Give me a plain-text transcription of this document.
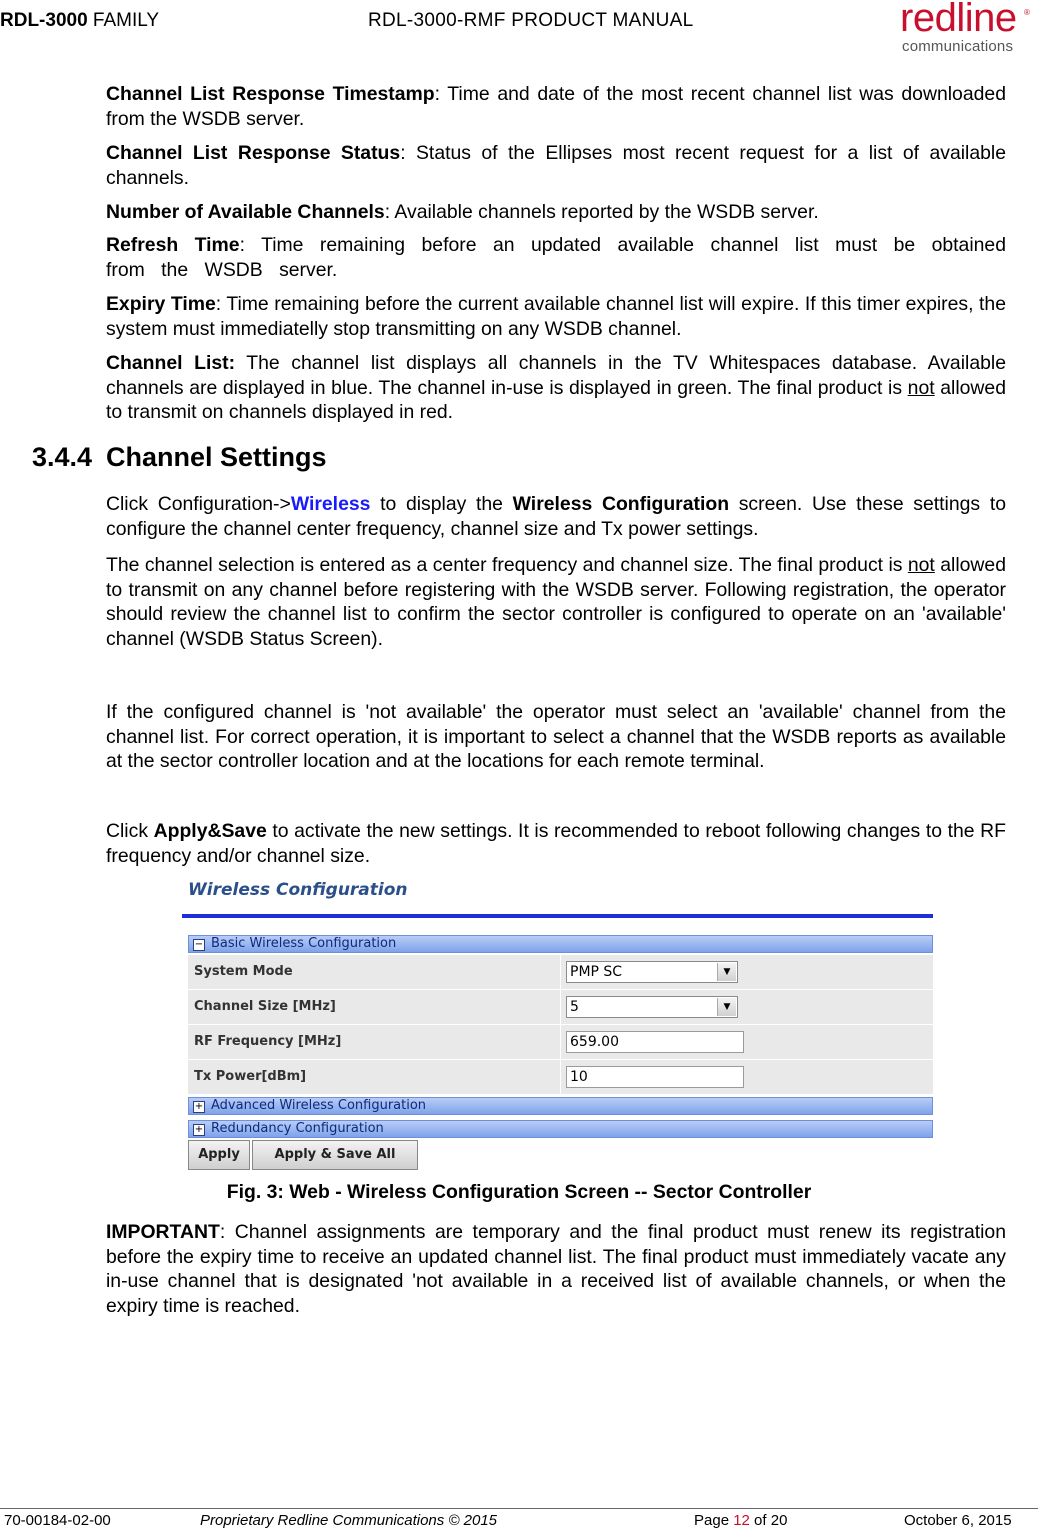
RDL-3000 FAMILY	RDL-3000-RMF PRODUCT MANUAL	redline ®
communications
Channel List Response Timestamp: Time and date of the most recent channel list was downloaded from the WSDB server.
Channel List Response Status: Status of the Ellipses most recent request for a list of available channels.
Number of Available Channels: Available channels reported by the WSDB server.
Refresh Time: Time remaining before an updated available channel list must be obtained from the WSDB server.
Expiry Time: Time remaining before the current available channel list will expire. If this timer expires, the system must immediatelly stop transmitting on any WSDB channel.
Channel List: The channel list displays all channels in the TV Whitespaces database. Available channels are displayed in blue. The channel in-use is displayed in green. The final product is not allowed to transmit on channels displayed in red.
3.4.4 Channel Settings
Click Configuration->Wireless to display the Wireless Configuration screen. Use these settings to configure the channel center frequency, channel size and Tx power settings.
The channel selection is entered as a center frequency and channel size. The final product is not allowed to transmit on any channel before registering with the WSDB server. Following registration, the operator should review the channel list to confirm the sector controller is configured to operate on an 'available' channel (WSDB Status Screen).
If the configured channel is 'not available' the operator must select an 'available' channel from the channel list. For correct operation, it is important to select a channel that the WSDB reports as available at the sector controller location and at the locations for each remote terminal.
Click Apply&Save to activate the new settings. It is recommended to reboot following changes to the RF frequency and/or channel size.
Wireless Configuration
− Basic Wireless Configuration
System Mode	PMP SC	▼
Channel Size [MHz]	5	▼
RF Frequency [MHz]	659.00
Tx Power[dBm]	10
+ Advanced Wireless Configuration
+ Redundancy Configuration
Apply	Apply & Save All
Fig. 3: Web - Wireless Configuration Screen -- Sector Controller
IMPORTANT: Channel assignments are temporary and the final product must renew its registration before the expiry time to receive an updated channel list. The final product must immediately vacate any in-use channel that is designated 'not available in a received list of available channels, or when the expiry time is reached.
70-00184-02-00	Proprietary Redline Communications © 2015	Page 12 of 20	October 6, 2015
